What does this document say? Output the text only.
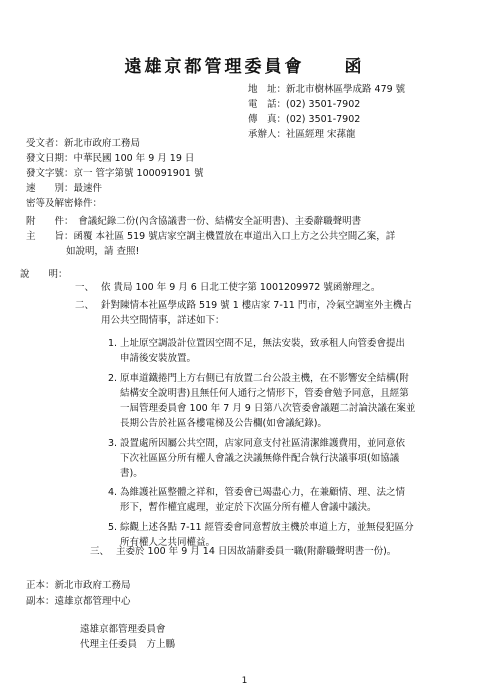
遠雄京都管理委員會 函
地　址：新北市樹林區學成路 479 號
電　話：(02) 3501-7902
傳　真：(02) 3501-7902
承辦人：社區經理 宋蓀龍
受文者：新北市政府工務局
發文日期：中華民國 100 年 9 月 19 日
發文字號：京一 管字第號 100091901 號
速　　別：最速件
密等及解密條件：
附　　件：　會議紀錄二份(內含協議書一份、結構安全証明書)、主委辭職聲明書
主　　旨：函覆 本社區 519 號店家空調主機置放在車道出入口上方之公共空間乙案，詳
如說明，請 查照!
說　　明：
一、 依 貴局 100 年 9 月 6 日北工使字第 1001209972 號函辦理之。
二、 針對陳情本社區學成路 519 號 1 樓店家 7-11 門市，冷氣空調室外主機占
用公共空間情事，詳述如下：
1. 上址原空調設計位置因空間不足，無法安裝，致承租人向管委會提出
申請後安裝放置。
2. 原車道鐵捲門上方右側已有放置二台公設主機，在不影響安全結構(附
結構安全說明書)且無任何人通行之情形下，管委會勉予同意，且經第
一屆管理委員會 100 年 7 月 9 日第八次管委會議題二討論決議在案並
長期公告於社區各樓電梯及公告欄(如會議紀錄)。
3. 設置處所因屬公共空間，店家同意支付社區清潔維護費用，並同意依
下次社區區分所有權人會議之決議無條件配合執行決議事項(如協議
書)。
4. 為維護社區整體之祥和，管委會已竭盡心力，在兼顧情、理、法之情
形下，暫作權宜處理，並定於下次區分所有權人會議中議決。
5. 綜觀上述各點 7-11 經管委會同意暫放主機於車道上方，並無侵犯區分
所有權人之共同權益。
三、 主委於 100 年 9 月 14 日因故請辭委員一職(附辭職聲明書一份)。
正本：新北市政府工務局
副本：遠雄京都管理中心
遠雄京都管理委員會
代理主任委員　方上鵬
1
